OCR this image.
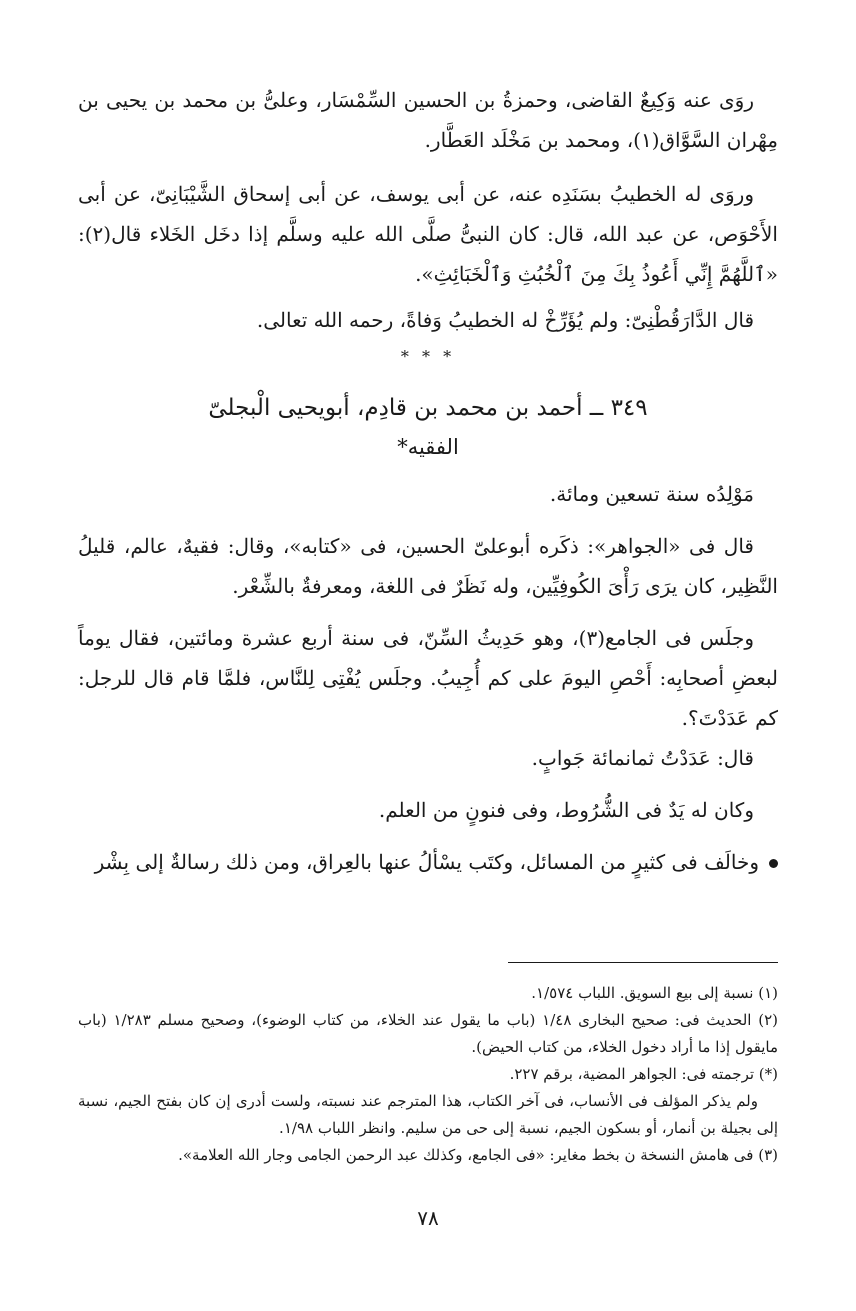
روَى عنه وَكِيعٌ القاضى، وحمزةُ بن الحسين السِّمْسَار، وعلىُّ بن محمد بن يحيى بن مِهْران السَّوَّاق(١)، ومحمد بن مَخْلَد العَطَّار.

وروَى له الخطيبُ بسَنَدِه عنه، عن أبى يوسف، عن أبى إسحاق الشَّيْبَانِىّ، عن أبى الأَحْوَص، عن عبد الله، قال: كان النبىُّ صلَّى الله عليه وسلَّم إذا دخَل الخَلاء قال(٢): «ٱللَّهُمَّ إِنِّي أَعُوذُ بِكَ مِنَ ٱلْخُبُثِ وَٱلْخَبَائِثِ».

قال الدَّارَقُطْنِىّ: ولم يُؤَرِّخْ له الخطيبُ وَفاةً، رحمه الله تعالى.

* * *

٣٤٩ ــ أحمد بن محمد بن قادِم، أبويحيى الْبجلىّ

الفقيه*

مَوْلِدُه سنة تسعين ومائة.

قال فى «الجواهر»: ذكَره أبوعلىّ الحسين، فى «كتابه»، وقال: فقيهٌ، عالم، قليلُ النَّظِير، كان يرَى رَأْىَ الكُوفِيِّين، وله نَظَرٌ فى اللغة، ومعرفةٌ بالشِّعْر.

وجلَس فى الجامع(٣)، وهو حَدِيثُ السِّنّ، فى سنة أربع عشرة ومائتين، فقال يوماً لبعضِ أصحابِه: أَحْصِ اليومَ على كم أُجِيبُ. وجلَس يُفْتِى لِلنَّاس، فلمَّا قام قال للرجل: كم عَدَدْتَ؟.

قال: عَدَدْتُ ثمانمائة جَوابٍ.

وكان له يَدٌ فى الشُّرُوط، وفى فنونٍ من العلم.

وخالَف فى كثيرٍ من المسائل، وكتَب يسْألُ عنها بالعِراق، ومن ذلك رسالةٌ إلى بِشْر

(١) نسبة إلى بيع السويق. اللباب ١/٥٧٤.

(٢) الحديث فى: صحيح البخارى ١/٤٨ (باب ما يقول عند الخلاء، من كتاب الوضوء)، وصحيح مسلم ١/٢٨٣ (باب مايقول إذا ما أراد دخول الخلاء، من كتاب الحيض).

(*) ترجمته فى: الجواهر المضية، برقم ٢٢٧.

ولم يذكر المؤلف فى الأنساب، فى آخر الكتاب، هذا المترجم عند نسبته، ولست أدرى إن كان بفتح الجيم، نسبة إلى بجيلة بن أنمار، أو بسكون الجيم، نسبة إلى حى من سليم. وانظر اللباب ١/٩٨.

(٣) فى هامش النسخة ن بخط مغاير: «فى الجامع، وكذلك عبد الرحمن الجامى وجار الله العلامة».

٧٨
